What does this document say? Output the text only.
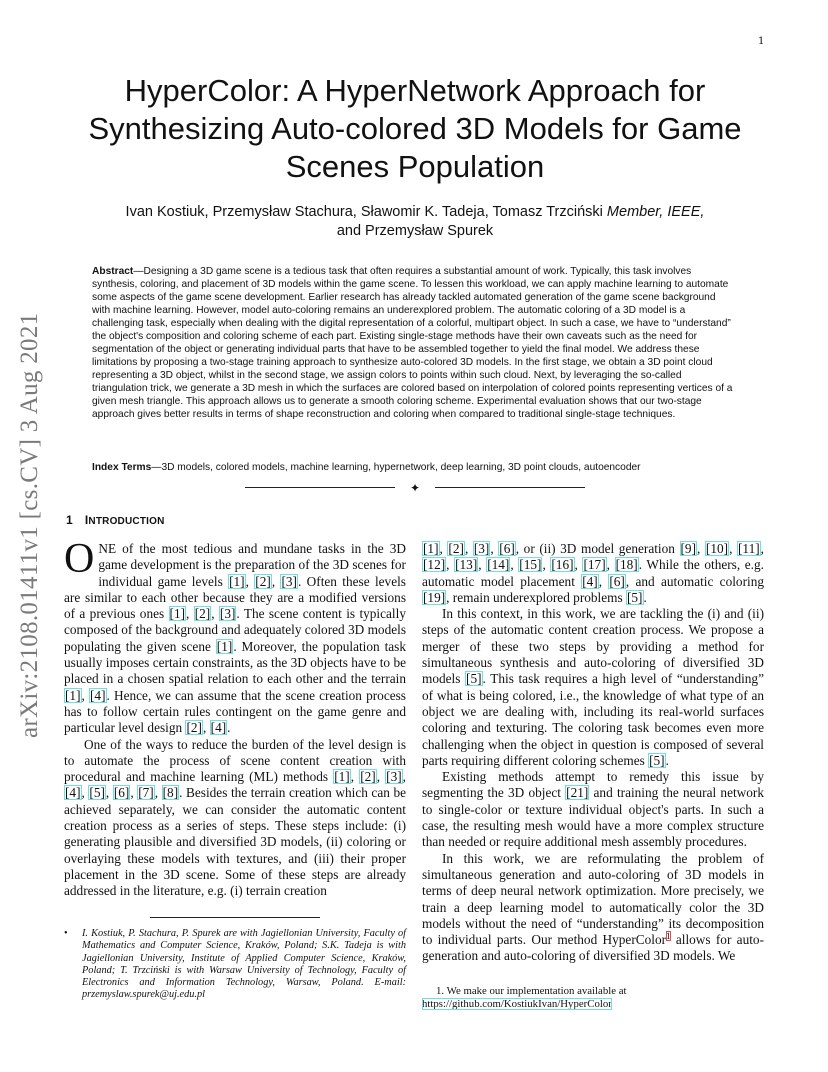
1
arXiv:2108.01411v1 [cs.CV] 3 Aug 2021
HyperColor: A HyperNetwork Approach for Synthesizing Auto-colored 3D Models for Game Scenes Population
Ivan Kostiuk, Przemysław Stachura, Sławomir K. Tadeja, Tomasz Trzciński Member, IEEE,
and Przemysław Spurek
Abstract—Designing a 3D game scene is a tedious task that often requires a substantial amount of work. Typically, this task involves synthesis, coloring, and placement of 3D models within the game scene. To lessen this workload, we can apply machine learning to automate some aspects of the game scene development. Earlier research has already tackled automated generation of the game scene background with machine learning. However, model auto-coloring remains an underexplored problem. The automatic coloring of a 3D model is a challenging task, especially when dealing with the digital representation of a colorful, multipart object. In such a case, we have to “understand” the object's composition and coloring scheme of each part. Existing single-stage methods have their own caveats such as the need for segmentation of the object or generating individual parts that have to be assembled together to yield the final model. We address these limitations by proposing a two-stage training approach to synthesize auto-colored 3D models. In the first stage, we obtain a 3D point cloud representing a 3D object, whilst in the second stage, we assign colors to points within such cloud. Next, by leveraging the so-called triangulation trick, we generate a 3D mesh in which the surfaces are colored based on interpolation of colored points representing vertices of a given mesh triangle. This approach allows us to generate a smooth coloring scheme. Experimental evaluation shows that our two-stage approach gives better results in terms of shape reconstruction and coloring when compared to traditional single-stage techniques.
Index Terms—3D models, colored models, machine learning, hypernetwork, deep learning, 3D point clouds, autoencoder
✦
1 INTRODUCTION

ONE of the most tedious and mundane tasks in the 3D game development is the preparation of the 3D scenes for individual game levels [1], [2], [3]. Often these levels are similar to each other because they are a modified versions of a previous ones [1], [2], [3]. The scene content is typically composed of the background and adequately colored 3D models populating the given scene [1]. Moreover, the population task usually imposes certain constraints, as the 3D objects have to be placed in a chosen spatial relation to each other and the terrain [1], [4]. Hence, we can assume that the scene creation process has to follow certain rules contingent on the game genre and particular level design [2], [4].

One of the ways to reduce the burden of the level design is to automate the process of scene content creation with procedural and machine learning (ML) methods [1], [2], [3], [4], [5], [6], [7], [8]. Besides the terrain creation which can be achieved separately, we can consider the automatic content creation process as a series of steps. These steps include: (i) generating plausible and diversified 3D models, (ii) coloring or overlaying these models with textures, and (iii) their proper placement in the 3D scene. Some of these steps are already addressed in the literature, e.g. (i) terrain creation

[1], [2], [3], [6], or (ii) 3D model generation [9], [10], [11], [12], [13], [14], [15], [16], [17], [18]. While the others, e.g. automatic model placement [4], [6], and automatic coloring [19], remain underexplored problems [5].

In this context, in this work, we are tackling the (i) and (ii) steps of the automatic content creation process. We propose a merger of these two steps by providing a method for simultaneous synthesis and auto-coloring of diversified 3D models [5]. This task requires a high level of “understanding” of what is being colored, i.e., the knowledge of what type of an object we are dealing with, including its real-world surfaces coloring and texturing. The coloring task becomes even more challenging when the object in question is composed of several parts requiring different coloring schemes [5].

Existing methods attempt to remedy this issue by segmenting the 3D object [21] and training the neural network to single-color or texture individual object's parts. In such a case, the resulting mesh would have a more complex structure than needed or require additional mesh assembly procedures.

In this work, we are reformulating the problem of simultaneous generation and auto-coloring of 3D models in terms of deep neural network optimization. More precisely, we train a deep learning model to automatically color the 3D models without the need of “understanding” its decomposition to individual parts. Our method HyperColor$^1$ allows for auto-generation and auto-coloring of diversified 3D models. We

• I. Kostiuk, P. Stachura, P. Spurek are with Jagiellonian University, Faculty of Mathematics and Computer Science, Kraków, Poland; S.K. Tadeja is with Jagiellonian University, Institute of Applied Computer Science, Kraków, Poland; T. Trzciński is with Warsaw University of Technology, Faculty of Electronics and Information Technology, Warsaw, Poland. E-mail: przemyslaw.spurek@uj.edu.pl	1. We make our implementation available at https://github.com/KostiukIvan/HyperColor
